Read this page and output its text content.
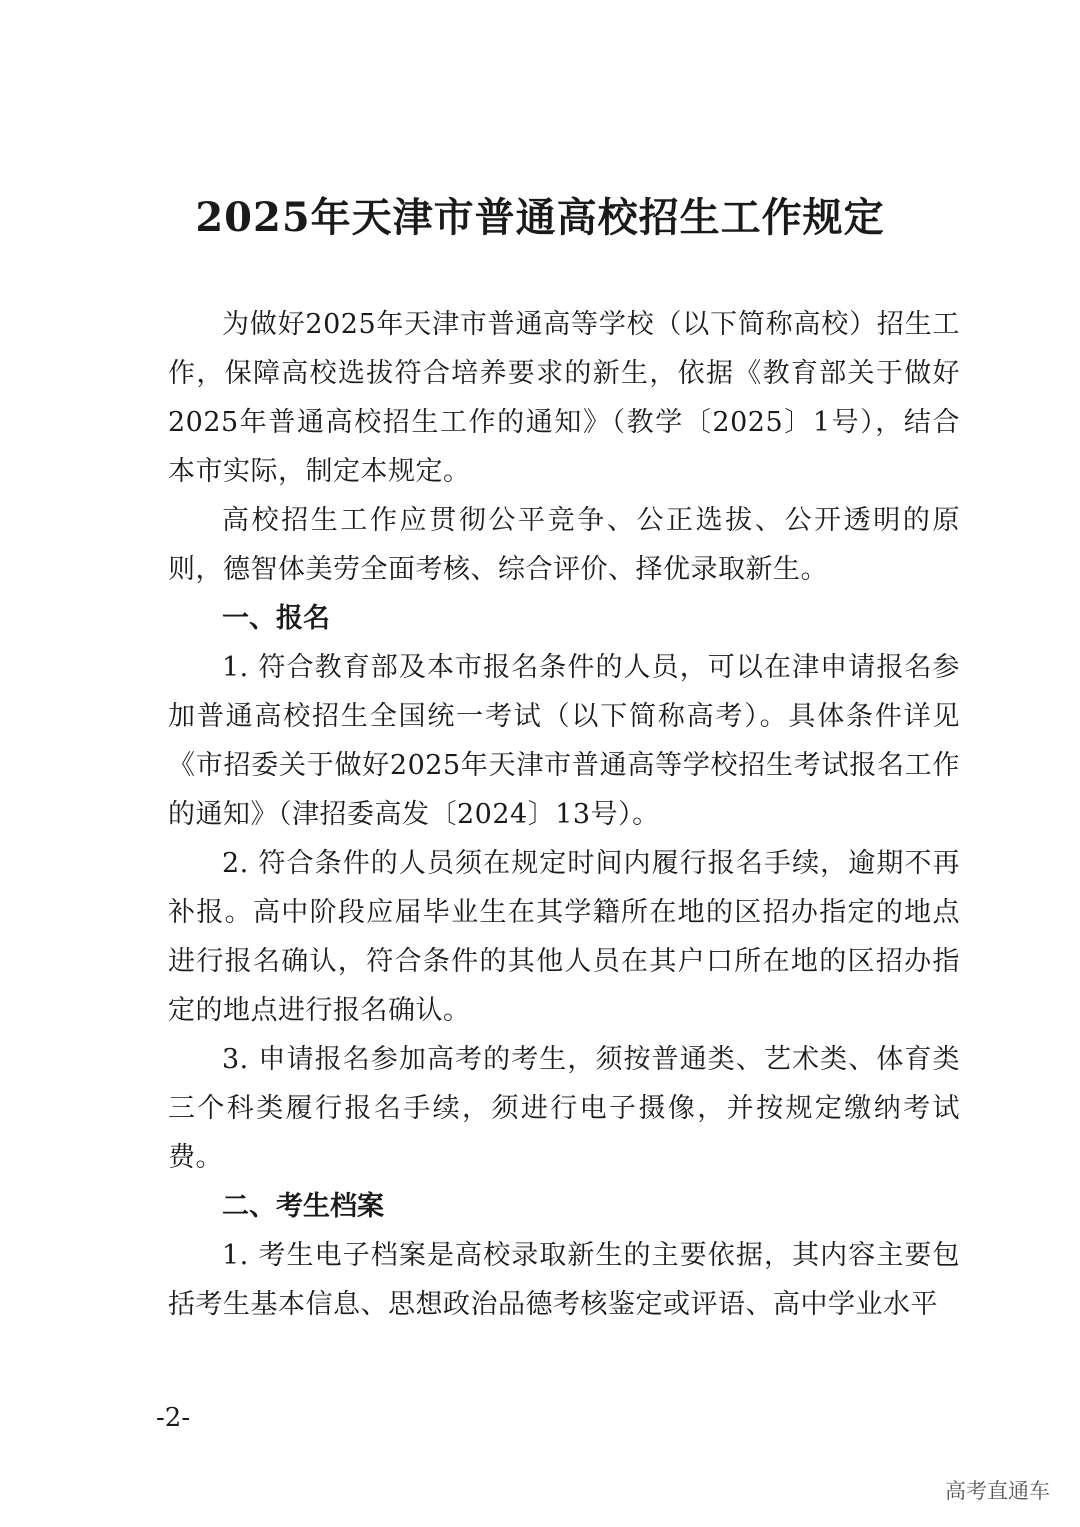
2025年天津市普通高校招生工作规定

为做好2025年天津市普通高等学校（以下简称高校）招生工作，保障高校选拔符合培养要求的新生，依据《教育部关于做好2025年普通高校招生工作的通知》（教学〔2025〕1号），结合本市实际，制定本规定。

高校招生工作应贯彻公平竞争、公正选拔、公开透明的原则，德智体美劳全面考核、综合评价、择优录取新生。

一、报名

1. 符合教育部及本市报名条件的人员，可以在津申请报名参加普通高校招生全国统一考试（以下简称高考）。具体条件详见《市招委关于做好2025年天津市普通高等学校招生考试报名工作的通知》（津招委高发〔2024〕13号）。

2. 符合条件的人员须在规定时间内履行报名手续，逾期不再补报。高中阶段应届毕业生在其学籍所在地的区招办指定的地点进行报名确认，符合条件的其他人员在其户口所在地的区招办指定的地点进行报名确认。

3. 申请报名参加高考的考生，须按普通类、艺术类、体育类三个科类履行报名手续，须进行电子摄像，并按规定缴纳考试费。

二、考生档案

1. 考生电子档案是高校录取新生的主要依据，其内容主要包括考生基本信息、思想政治品德考核鉴定或评语、高中学业水平

-2-
高考直通车
